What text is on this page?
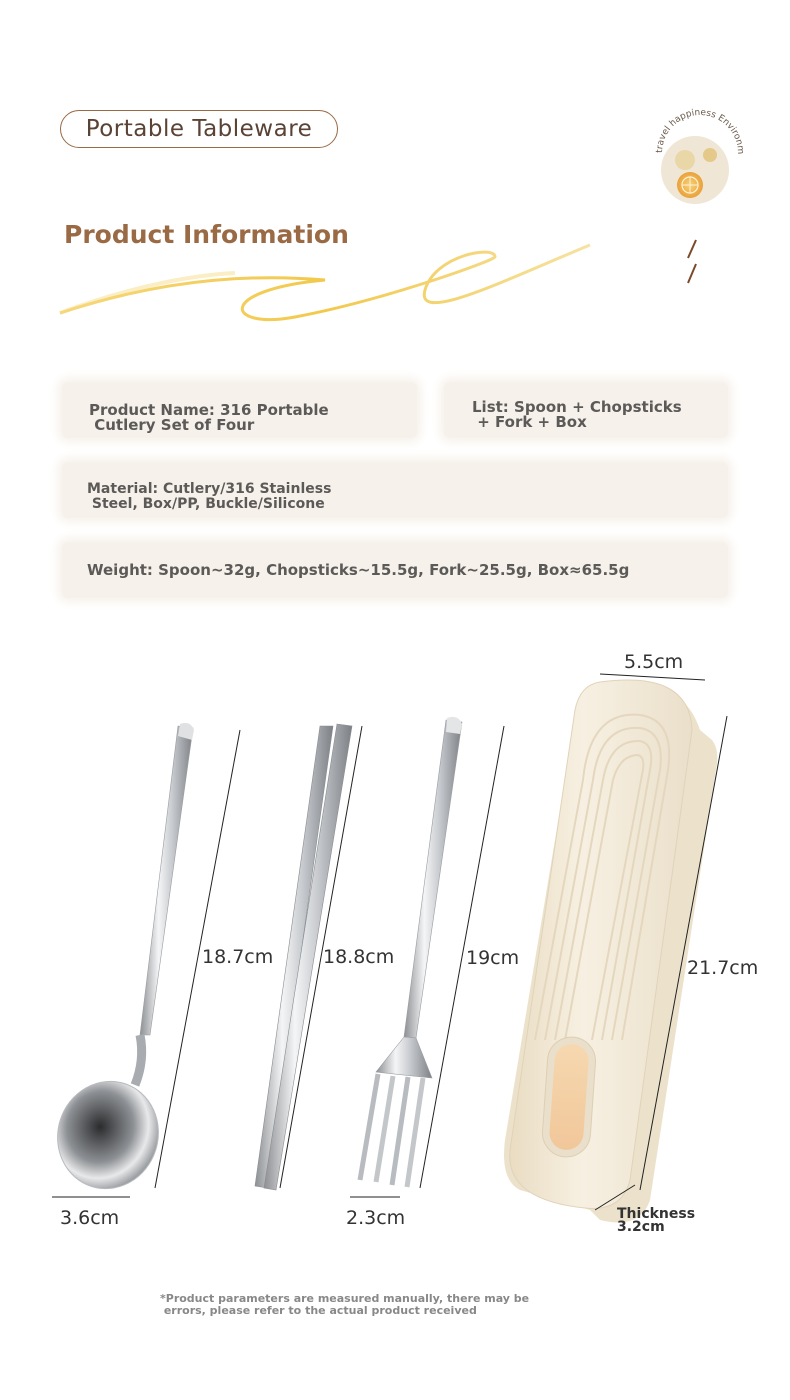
Portable Tableware
travel happiness Environmental tra
Product Information
Product Name: 316 Portable
Cutlery Set of Four
List: Spoon + Chopsticks
+ Fork + Box
Material: Cutlery/316 Stainless
Steel, Box/PP, Buckle/Silicone
Weight: Spoon~32g, Chopsticks~15.5g, Fork~25.5g, Box≈65.5g
18.7cm	18.8cm	19cm	21.7cm
5.5cm
3.6cm	2.3cm	Thickness
3.2cm
*Product parameters are measured manually, there may be
errors, please refer to the actual product received
